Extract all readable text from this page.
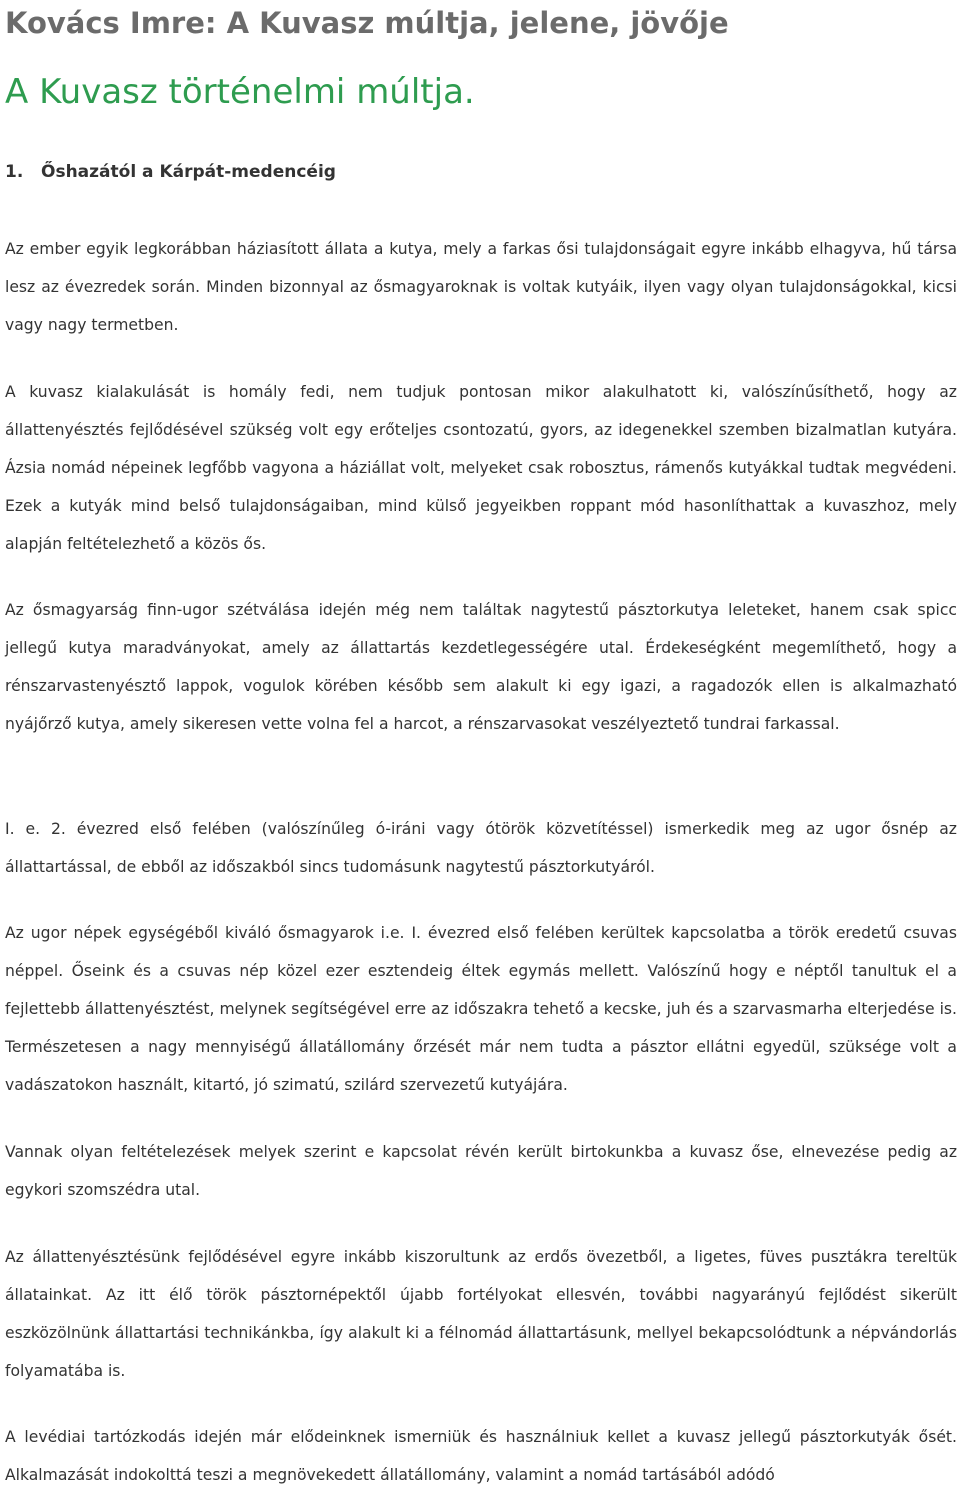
Kovács Imre: A Kuvasz múltja, jelene, jövője
A Kuvasz történelmi múltja.
1. Őshazától a Kárpát-medencéig

Az ember egyik legkorábban háziasított állata a kutya, mely a farkas ősi tulajdonságait egyre inkább elhagyva, hű társa lesz az évezredek során. Minden bizonnyal az ősmagyaroknak is voltak kutyáik, ilyen vagy olyan tulajdonságokkal, kicsi vagy nagy termetben.

A kuvasz kialakulását is homály fedi, nem tudjuk pontosan mikor alakulhatott ki, valószínűsíthető, hogy az állattenyésztés fejlődésével szükség volt egy erőteljes csontozatú, gyors, az idegenekkel szemben bizalmatlan kutyára. Ázsia nomád népeinek legfőbb vagyona a háziállat volt, melyeket csak robosztus, rámenős kutyákkal tudtak megvédeni. Ezek a kutyák mind belső tulajdonságaiban, mind külső jegyeikben roppant mód hasonlíthattak a kuvaszhoz, mely alapján feltételezhető a közös ős.

Az ősmagyarság finn-ugor szétválása idején még nem találtak nagytestű pásztorkutya leleteket, hanem csak spicc jellegű kutya maradványokat, amely az állattartás kezdetlegességére utal. Érdekeségként megemlíthető, hogy a rénszarvastenyésztő lappok, vogulok körében később sem alakult ki egy igazi, a ragadozók ellen is alkalmazható nyájőrző kutya, amely sikeresen vette volna fel a harcot, a rénszarvasokat veszélyeztető tundrai farkassal.

I. e. 2. évezred első felében (valószínűleg ó-iráni vagy ótörök közvetítéssel) ismerkedik meg az ugor ősnép az állattartással, de ebből az időszakból sincs tudomásunk nagytestű pásztorkutyáról.

Az ugor népek egységéből kiváló ősmagyarok i.e. I. évezred első felében kerültek kapcsolatba a török eredetű csuvas néppel. Őseink és a csuvas nép közel ezer esztendeig éltek egymás mellett. Valószínű hogy e néptől tanultuk el a fejlettebb állattenyésztést, melynek segítségével erre az időszakra tehető a kecske, juh és a szarvasmarha elterjedése is. Természetesen a nagy mennyiségű állatállomány őrzését már nem tudta a pásztor ellátni egyedül, szüksége volt a vadászatokon használt, kitartó, jó szimatú, szilárd szervezetű kutyájára.

Vannak olyan feltételezések melyek szerint e kapcsolat révén került birtokunkba a kuvasz őse, elnevezése pedig az egykori szomszédra utal.

Az állattenyésztésünk fejlődésével egyre inkább kiszorultunk az erdős övezetből, a ligetes, füves pusztákra tereltük állatainkat. Az itt élő török pásztornépektől újabb fortélyokat ellesvén, további nagyarányú fejlődést sikerült eszközölnünk állattartási technikánkba, így alakult ki a félnomád állattartásunk, mellyel bekapcsolódtunk a népvándorlás folyamatába is.

A levédiai tartózkodás idején már elődeinknek ismerniük és használniuk kellet a kuvasz jellegű pásztorkutyák ősét. Alkalmazását indokolttá teszi a megnövekedett állatállomány, valamint a nomád tartásából adódó
